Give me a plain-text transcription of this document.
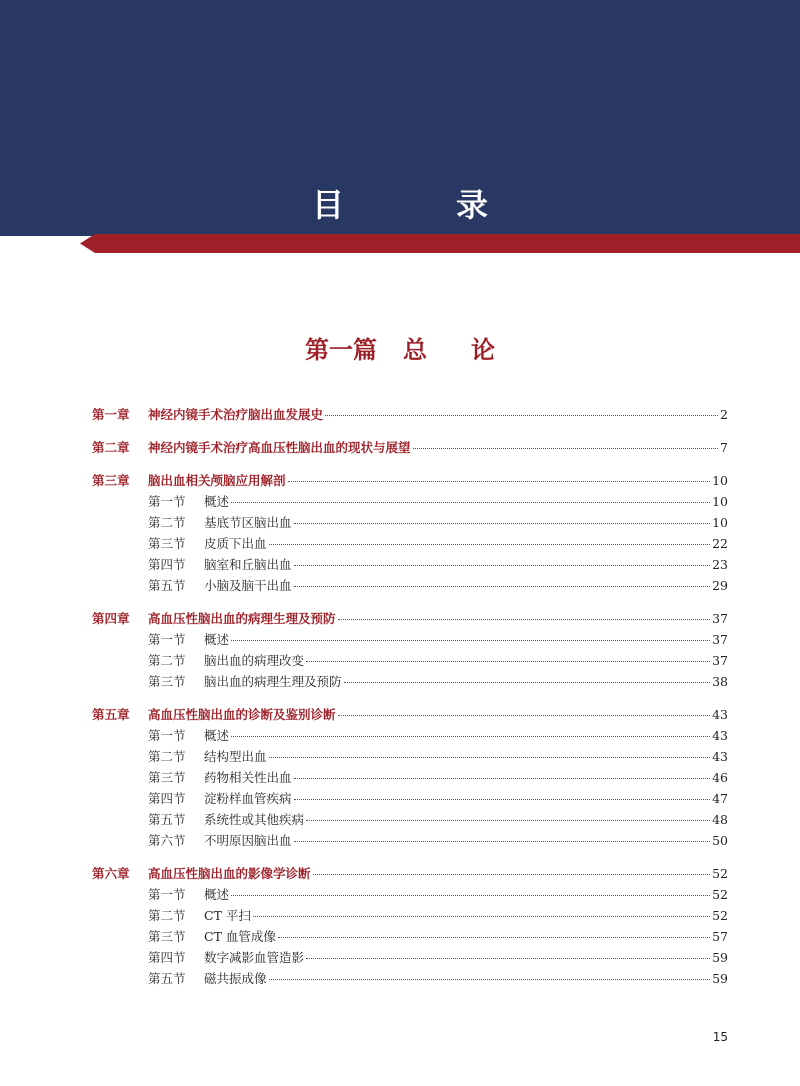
目　录
第一篇 总 论
第一章	神经内镜手术治疗脑出血发展史	2
第二章	神经内镜手术治疗高血压性脑出血的现状与展望	7
第三章	脑出血相关颅脑应用解剖	10
第一节	概述	10
第二节	基底节区脑出血	10
第三节	皮质下出血	22
第四节	脑室和丘脑出血	23
第五节	小脑及脑干出血	29
第四章	高血压性脑出血的病理生理及预防	37
第一节	概述	37
第二节	脑出血的病理改变	37
第三节	脑出血的病理生理及预防	38
第五章	高血压性脑出血的诊断及鉴别诊断	43
第一节	概述	43
第二节	结构型出血	43
第三节	药物相关性出血	46
第四节	淀粉样血管疾病	47
第五节	系统性或其他疾病	48
第六节	不明原因脑出血	50
第六章	高血压性脑出血的影像学诊断	52
第一节	概述	52
第二节	CT 平扫	52
第三节	CT 血管成像	57
第四节	数字减影血管造影	59
第五节	磁共振成像	59
15
